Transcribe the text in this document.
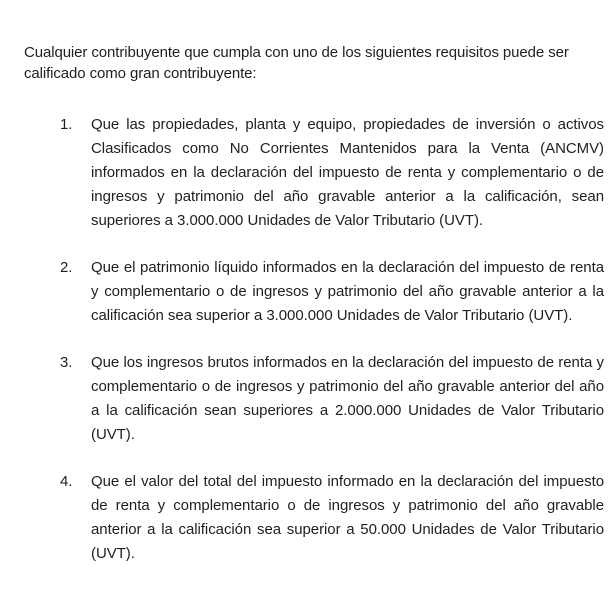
Cualquier contribuyente que cumpla con uno de los siguientes requisitos puede ser calificado como gran contribuyente:

1. Que las propiedades, planta y equipo, propiedades de inversión o activos Clasificados como No Corrientes Mantenidos para la Venta (ANCMV) informados en la declaración del impuesto de renta y complementario o de ingresos y patrimonio del año gravable anterior a la calificación, sean superiores a 3.000.000 Unidades de Valor Tributario (UVT).
2. Que el patrimonio líquido informados en la declaración del impuesto de renta y complementario o de ingresos y patrimonio del año gravable anterior a la calificación sea superior a 3.000.000 Unidades de Valor Tributario (UVT).
3. Que los ingresos brutos informados en la declaración del impuesto de renta y complementario o de ingresos y patrimonio del año gravable anterior del año a la calificación sean superiores a 2.000.000 Unidades de Valor Tributario (UVT).
4. Que el valor del total del impuesto informado en la declaración del impuesto de renta y complementario o de ingresos y patrimonio del año gravable anterior a la calificación sea superior a 50.000 Unidades de Valor Tributario (UVT).
